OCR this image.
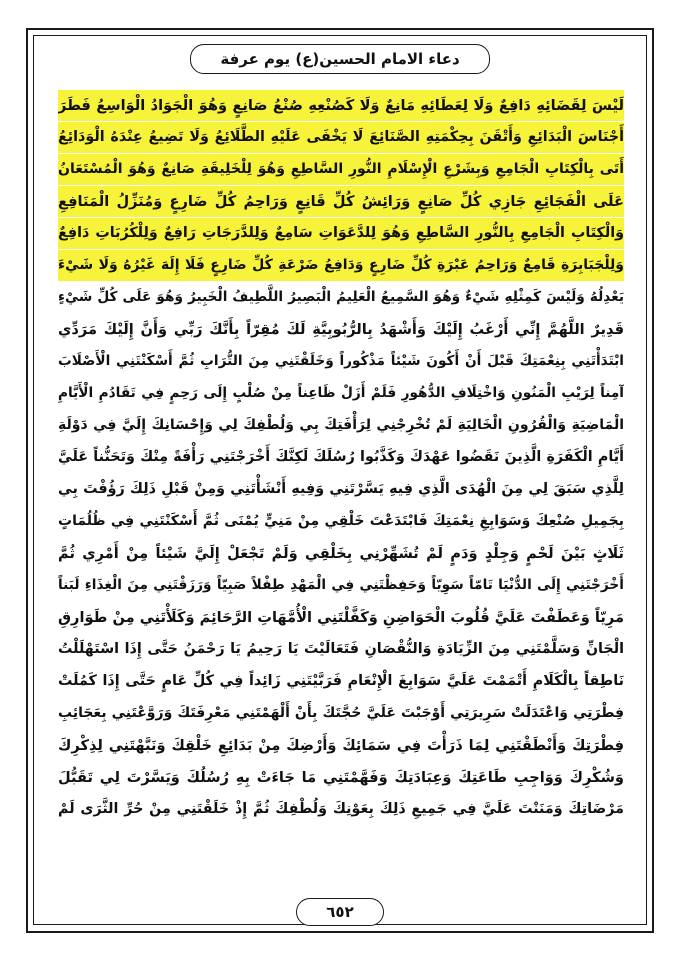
دعاء الامام الحسين(ع) يوم عرفة
لَيْسَ لِقَضَائِهِ دَافِعٌ وَلَا لِعَطَائِهِ مَانِعٌ وَلَا كَصُنْعِهِ صُنْعُ صَانِعٍ وَهُوَ الْجَوَادُ الْوَاسِعُ فَطَرَ
أَجْنَاسَ الْبَدَائِعِ وَأَتْقَنَ بِحِكْمَتِهِ الصَّنَائِعَ لَا يَخْفَى عَلَيْهِ الطَّلَائِعُ وَلَا تَضِيعُ عِنْدَهُ الْوَدَائِعُ
أَتَى بِالْكِتَابِ الْجَامِعِ وَبِشَرْعِ الْإِسْلَامِ النُّورِ السَّاطِعِ وَهُوَ لِلْخَلِيقَةِ صَانِعٌ وَهُوَ الْمُسْتَعَانُ
عَلَى الْفَجَائِعِ جَازِي كُلِّ صَانِعٍ وَرَائِشُ كُلِّ قَانِعٍ وَرَاحِمُ كُلِّ ضَارِعٍ وَمُنَزِّلُ الْمَنَافِعِ
وَالْكِتَابِ الْجَامِعِ بِالنُّورِ السَّاطِعِ وَهُوَ لِلدَّعَوَاتِ سَامِعٌ وَلِلدَّرَجَاتِ رَافِعٌ وَلِلْكُرُبَاتِ دَافِعٌ
وَلِلْجَبَابِرَةِ قَامِعٌ وَرَاحِمُ عَبْرَةِ كُلِّ ضَارِعٍ وَدَافِعُ ضَرْعَةِ كُلِّ ضَارِعٍ فَلَا إِلَهَ غَيْرُهُ وَلَا شَيْءَ
يَعْدِلُهُ وَلَيْسَ كَمِثْلِهِ شَيْءٌ وَهُوَ السَّمِيعُ الْعَلِيمُ الْبَصِيرُ اللَّطِيفُ الْخَبِيرُ وَهُوَ عَلَى كُلِّ شَيْءٍ
قَدِيرٌ اللَّهُمَّ إِنِّي أَرْغَبُ إِلَيْكَ وَأَشْهَدُ بِالرُّبُوبِيَّةِ لَكَ مُقِرّاً بِأَنَّكَ رَبِّي وَأَنَّ إِلَيْكَ مَرَدِّي
ابْتَدَأْتَنِي بِنِعْمَتِكَ قَبْلَ أَنْ أَكُونَ شَيْئاً مَذْكُوراً وَخَلَقْتَنِي مِنَ التُّرَابِ ثُمَّ أَسْكَنْتَنِي الْأَصْلَابَ
آمِناً لِرَيْبِ الْمَنُونِ وَاخْتِلَافِ الدُّهُورِ فَلَمْ أَزَلْ ظَاعِناً مِنْ صُلْبٍ إِلَى رَحِمٍ فِي تَقَادُمِ الْأَيَّامِ
الْمَاضِيَةِ وَالْقُرُونِ الْخَالِيَةِ لَمْ تُخْرِجْنِي لِرَأْفَتِكَ بِي وَلُطْفِكَ لِي وَإِحْسَانِكَ إِلَيَّ فِي دَوْلَةِ
أَيَّامِ الْكَفَرَةِ الَّذِينَ نَقَضُوا عَهْدَكَ وَكَذَّبُوا رُسُلَكَ لَكِنَّكَ أَخْرَجْتَنِي رَأْفَةً مِنْكَ وَتَحَنُّناً عَلَيَّ
لِلَّذِي سَبَقَ لِي مِنَ الْهُدَى الَّذِي فِيهِ يَسَّرْتَنِي وَفِيهِ أَنْشَأْتَنِي وَمِنْ قَبْلِ ذَلِكَ رَؤُفْتَ بِي
بِجَمِيلِ صُنْعِكَ وَسَوَابِغِ نِعْمَتِكَ فَابْتَدَعْتَ خَلْقِي مِنْ مَنِيٍّ يُمْنَى ثُمَّ أَسْكَنْتَنِي فِي ظُلُمَاتٍ
ثَلَاثٍ بَيْنَ لَحْمٍ وَجِلْدٍ وَدَمٍ لَمْ تُشَهِّرْنِي بِخَلْقِي وَلَمْ تَجْعَلْ إِلَيَّ شَيْئاً مِنْ أَمْرِي ثُمَّ
أَخْرَجْتَنِي إِلَى الدُّنْيَا تَامّاً سَوِيّاً وَحَفِظْتَنِي فِي الْمَهْدِ طِفْلاً صَبِيّاً وَرَزَقْتَنِي مِنَ الْغِذَاءِ لَبَناً
مَرِيّاً وَعَطَفْتَ عَلَيَّ قُلُوبَ الْحَوَاضِنِ وَكَفَّلْتَنِي الْأُمَّهَاتِ الرَّحَائِمَ وَكَلَأْتَنِي مِنْ طَوَارِقِ
الْجَانِّ وَسَلَّمْتَنِي مِنَ الزِّيَادَةِ وَالنُّقْصَانِ فَتَعَالَيْتَ يَا رَحِيمُ يَا رَحْمَنُ حَتَّى إِذَا اسْتَهْلَلْتُ
نَاطِقاً بِالْكَلَامِ أَتْمَمْتَ عَلَيَّ سَوَابِغَ الْإِنْعَامِ فَرَبَّيْتَنِي زَائِداً فِي كُلِّ عَامٍ حَتَّى إِذَا كَمُلَتْ
فِطْرَتِي وَاعْتَدَلَتْ سَرِيرَتِي أَوْجَبْتَ عَلَيَّ حُجَّتَكَ بِأَنْ أَلْهَمْتَنِي مَعْرِفَتَكَ وَرَوَّعْتَنِي بِعَجَائِبِ
فِطْرَتِكَ وَأَنْطَقْتَنِي لِمَا ذَرَأْتَ فِي سَمَائِكَ وَأَرْضِكَ مِنْ بَدَائِعِ خَلْقِكَ وَنَبَّهْتَنِي لِذِكْرِكَ
وَشُكْرِكَ وَوَاجِبِ طَاعَتِكَ وَعِبَادَتِكَ وَفَهَّمْتَنِي مَا جَاءَتْ بِهِ رُسُلُكَ وَيَسَّرْتَ لِي تَقَبُّلَ
مَرْضَاتِكَ وَمَنَنْتَ عَلَيَّ فِي جَمِيعِ ذَلِكَ بِعَوْنِكَ وَلُطْفِكَ ثُمَّ إِذْ خَلَقْتَنِي مِنْ حُرِّ الثَّرَى لَمْ
٦٥٢
